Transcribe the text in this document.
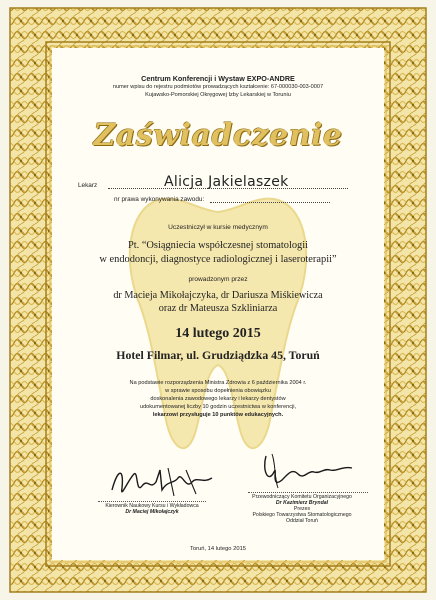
Centrum Konferencji i Wystaw EXPO-ANDRE
numer wpisu do rejestru podmiotów prowadzących kształcenie: 67-000030-003-0007
Kujawsko-Pomorskiej Okręgowej Izby Lekarskiej w Toruniu
Zaświadczenie
Lekarz	Alicja Jakielaszek
nr prawa wykonywania zawodu:
Uczestniczył w kursie medycznym
Pt. “Osiągniecia współczesnej stomatologii
w endodoncji, diagnostyce radiologicznej i laseroterapii”
prowadzonym przez
dr Macieja Mikołajczyka, dr Dariusza Miśkiewicza
oraz dr Mateusza Szkliniarza
14 lutego 2015
Hotel Filmar, ul. Grudziądzka 45, Toruń
Na podstawie rozporządzenia Ministra Zdrowia z 6 października 2004 r.
w sprawie sposobu dopełnienia obowiązku
doskonalenia zawodowego lekarzy i lekarzy dentystów
udokumentowanej liczby 10 godzin uczestnictwa w konferencji,
lekarzowi przysługuje 10 punktów edukacyjnych.
Kierownik Naukowy Kursu i Wykładowca
Dr Maciej Mikołajczyk
Przewodniczący Komitetu Organizacyjnego
Dr Kazimierz Bryndal
Prezes
Polskiego Towarzystwa Stomatologicznego
Oddział Toruń
Toruń, 14 lutego 2015
